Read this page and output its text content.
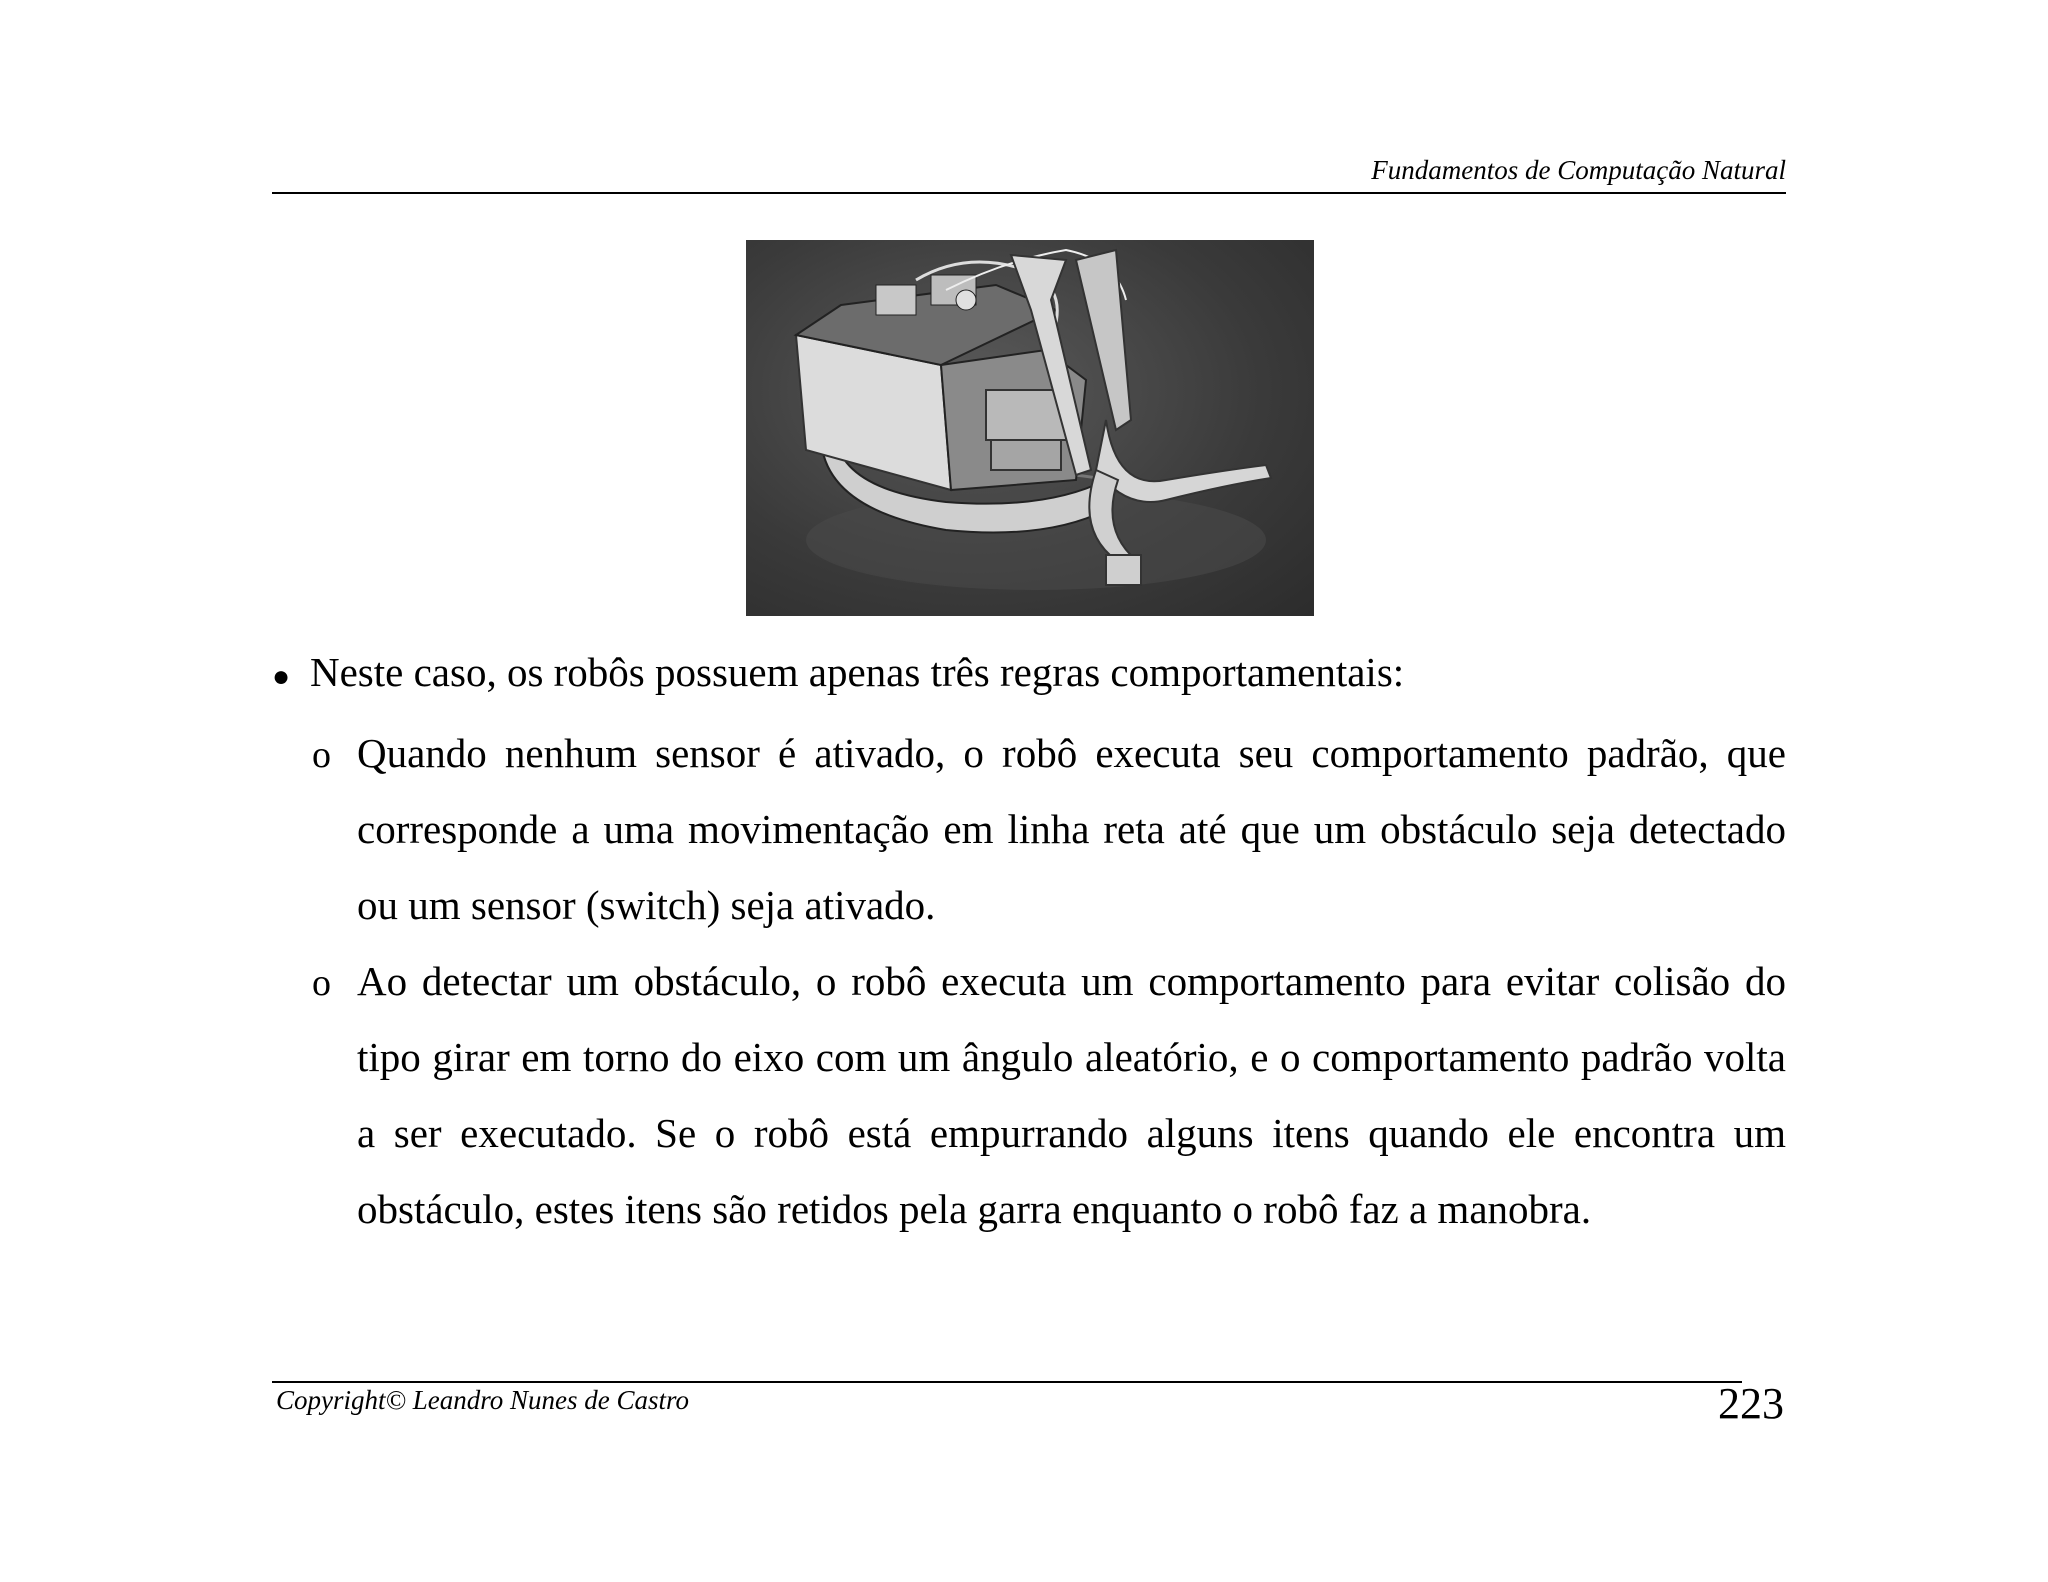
Fundamentos de Computação Natural
● Neste caso, os robôs possuem apenas três regras comportamentais:
o Quando nenhum sensor é ativado, o robô executa seu comportamento padrão, que corresponde a uma movimentação em linha reta até que um obstáculo seja detectado ou um sensor (switch) seja ativado.
o Ao detectar um obstáculo, o robô executa um comportamento para evitar colisão do tipo girar em torno do eixo com um ângulo aleatório, e o comportamento padrão volta a ser executado. Se o robô está empurrando alguns itens quando ele encontra um obstáculo, estes itens são retidos pela garra enquanto o robô faz a manobra.
Copyright© Leandro Nunes de Castro	223
